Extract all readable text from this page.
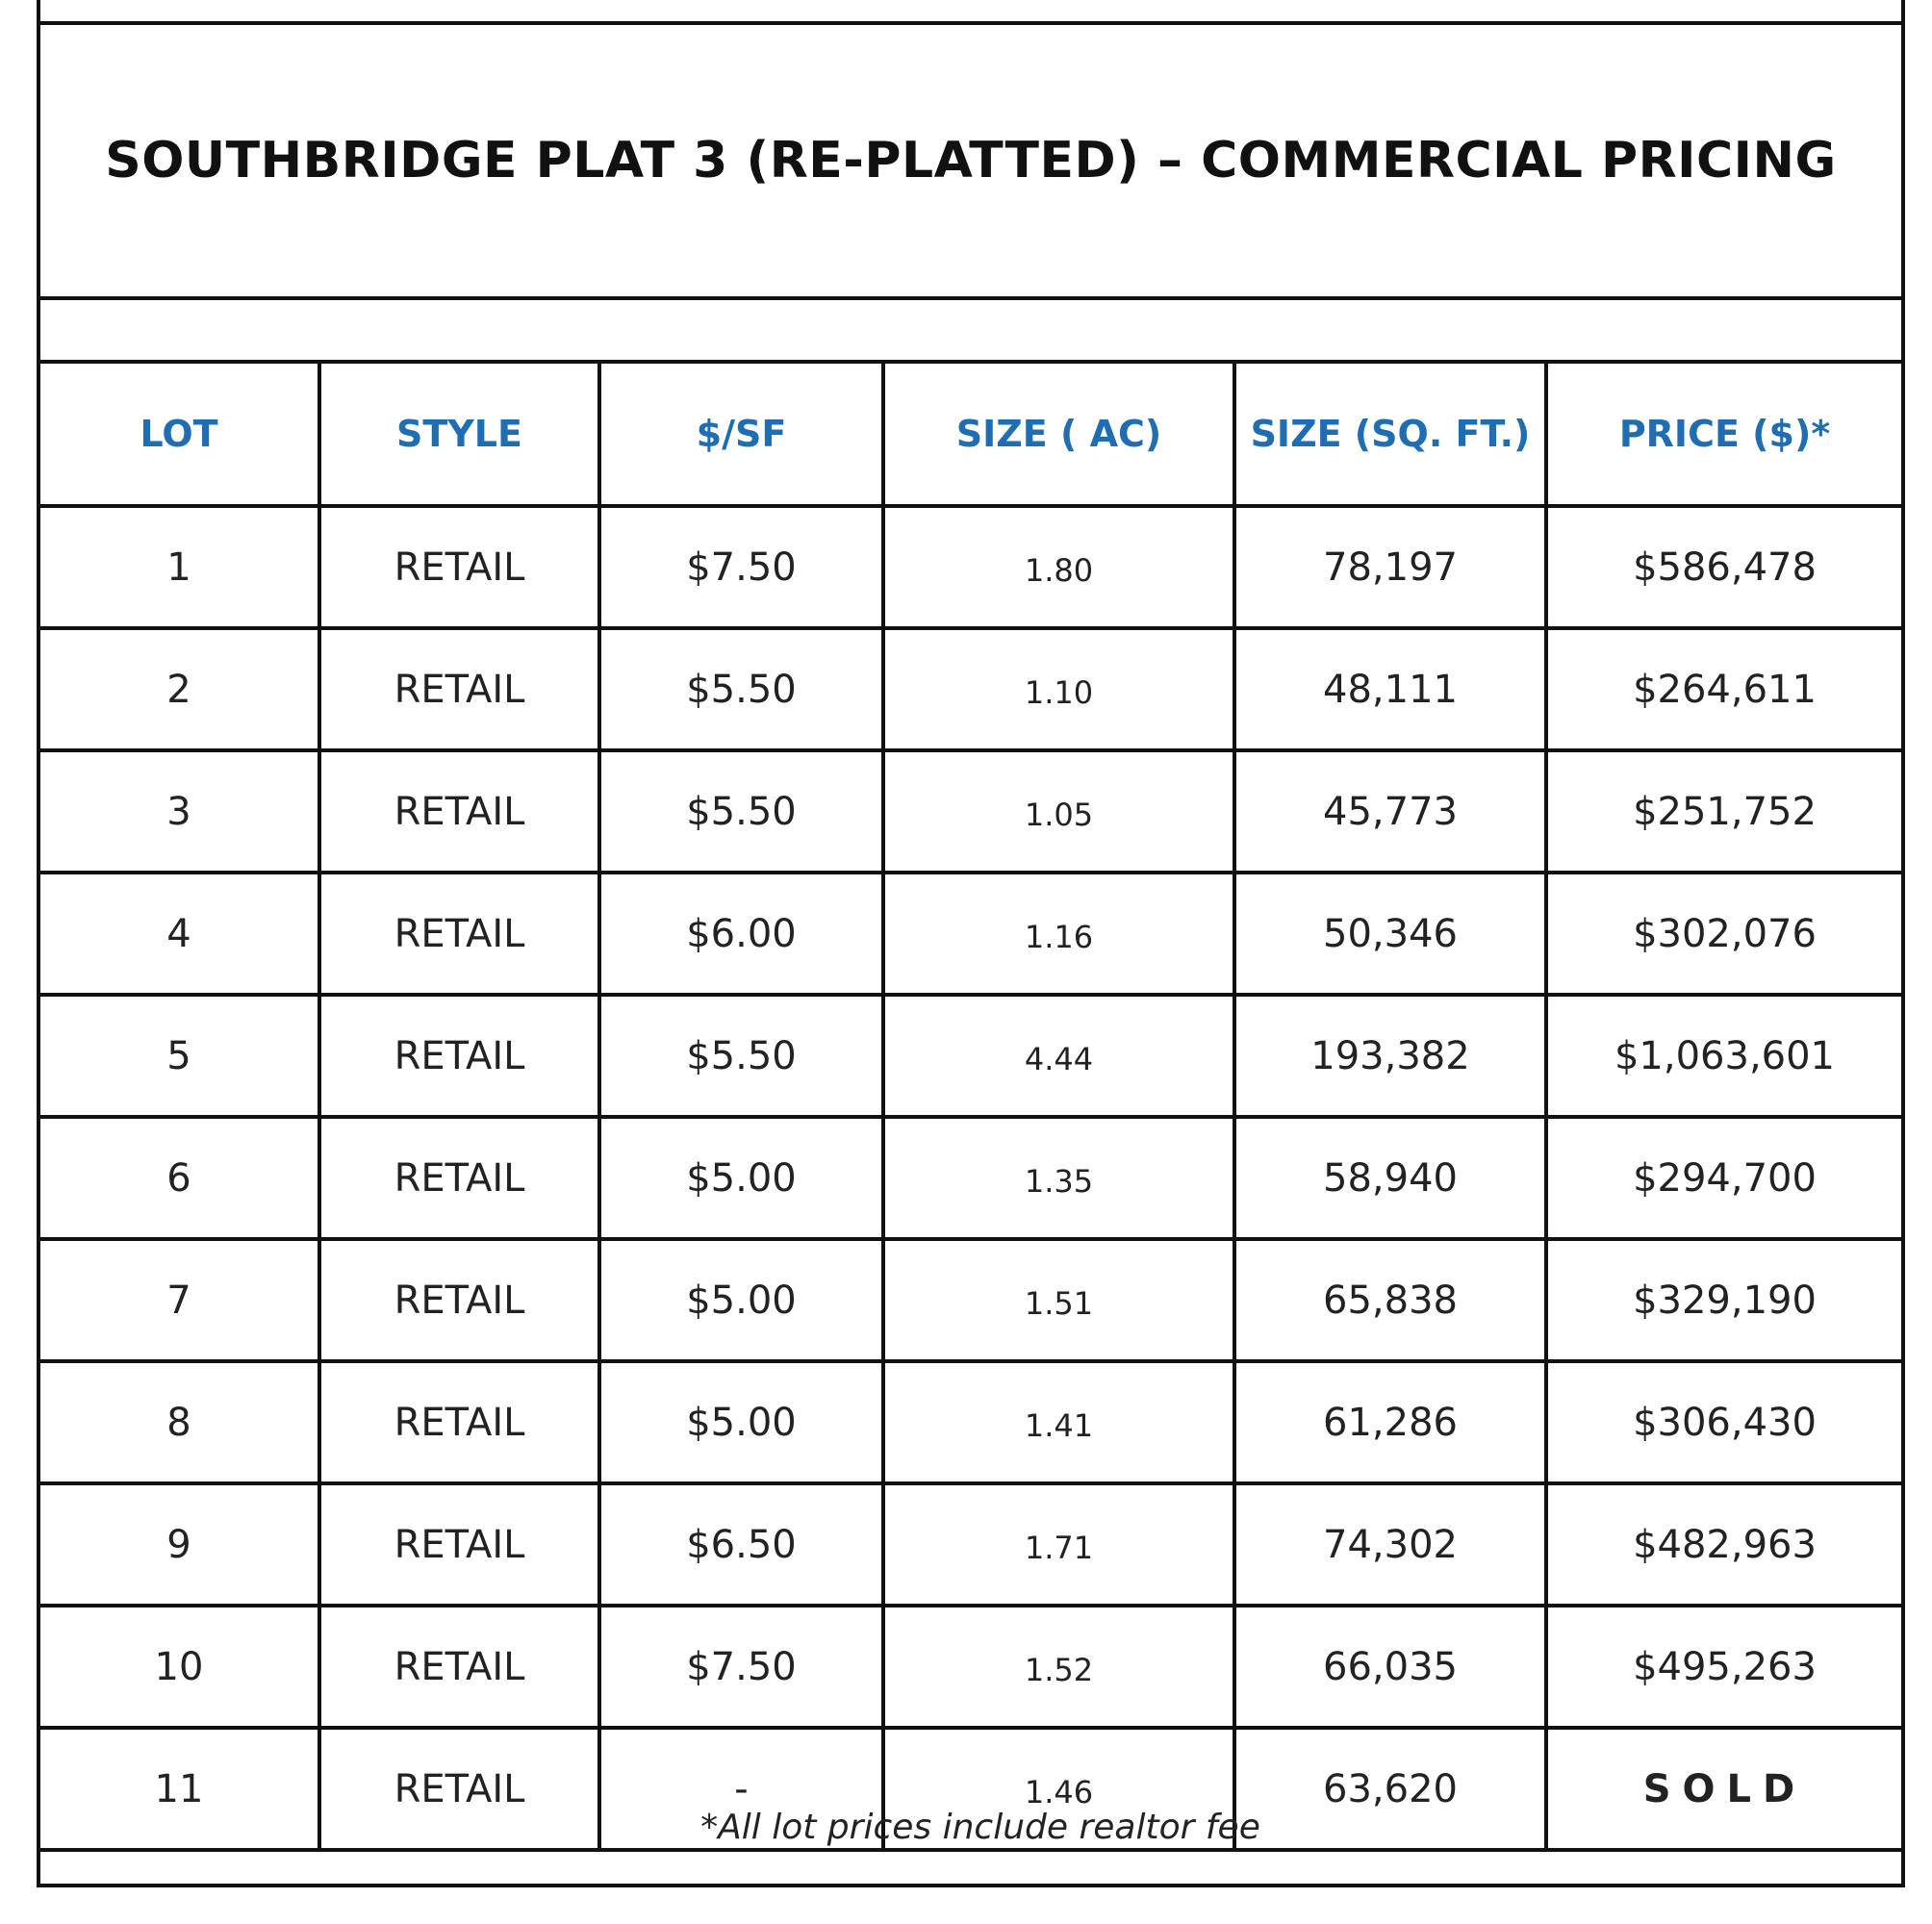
SOUTHBRIDGE PLAT 3 (RE-PLATTED) – COMMERCIAL PRICING
LOT	STYLE	$/SF	SIZE ( AC)	SIZE (SQ. FT.)	PRICE ($)*
1	RETAIL	$7.50	1.80	78,197	$586,478
2	RETAIL	$5.50	1.10	48,111	$264,611
3	RETAIL	$5.50	1.05	45,773	$251,752
4	RETAIL	$6.00	1.16	50,346	$302,076
5	RETAIL	$5.50	4.44	193,382	$1,063,601
6	RETAIL	$5.00	1.35	58,940	$294,700
7	RETAIL	$5.00	1.51	65,838	$329,190
8	RETAIL	$5.00	1.41	61,286	$306,430
9	RETAIL	$6.50	1.71	74,302	$482,963
10	RETAIL	$7.50	1.52	66,035	$495,263
11	RETAIL	-	1.46	63,620	SOLD
*All lot prices include realtor fee
